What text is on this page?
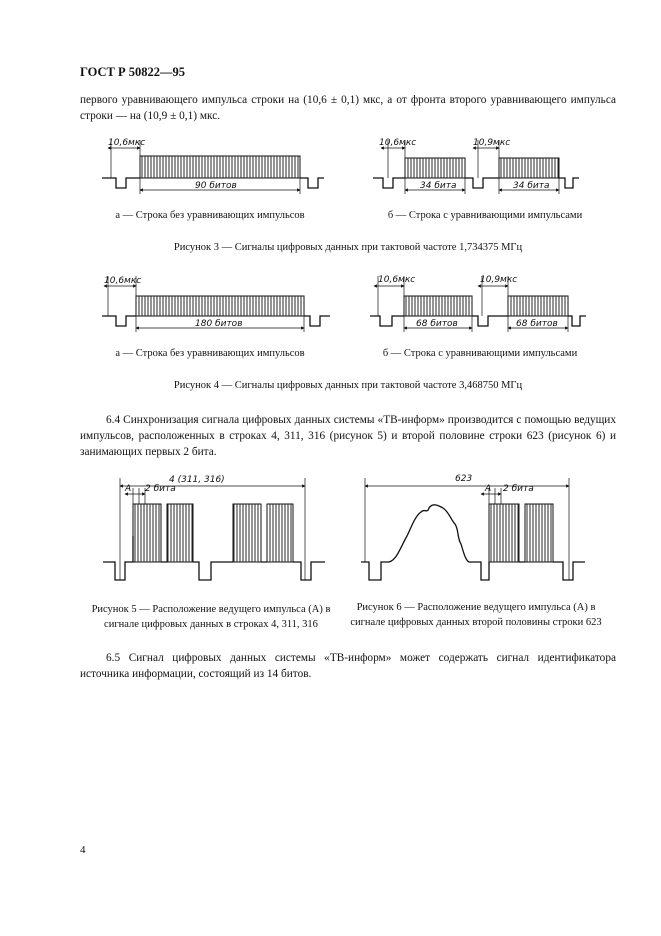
ГОСТ Р 50822—95
первого уравнивающего импульса строки на (10,6 ± 0,1) мкс, а от фронта второго уравнивающего импульса строки — на (10,9 ± 0,1) мкс.
10,6мкс
90 битов
а — Строка без уравнивающих импульсов
10,6мкс	10,9мкс
34 бита	34 бита
б — Строка с уравнивающими импульсами
Рисунок 3 — Сигналы цифровых данных при тактовой частоте 1,734375 МГц
10,6мкс
180 битов
а — Строка без уравнивающих импульсов
10,6мкс	10,9мкс
68 битов	68 битов
б — Строка с уравнивающими импульсами
Рисунок 4 — Сигналы цифровых данных при тактовой частоте 3,468750 МГц
6.4 Синхронизация сигнала цифровых данных системы «ТВ-информ» производится с помощью ведущих импульсов, расположенных в строках 4, 311, 316 (рисунок 5) и второй половине строки 623 (рисунок 6) и занимающих первых 2 бита.
4 (311, 316)
А 2 бита
Рисунок 5 — Расположение ведущего импульса (А) в сигнале цифровых данных в строках 4, 311, 316
623
А 2 бита
Рисунок 6 — Расположение ведущего импульса (А) в сигнале цифровых данных второй половины строки 623
6.5 Сигнал цифровых данных системы «ТВ-информ» может содержать сигнал идентификатора источника информации, состоящий из 14 битов.
4
